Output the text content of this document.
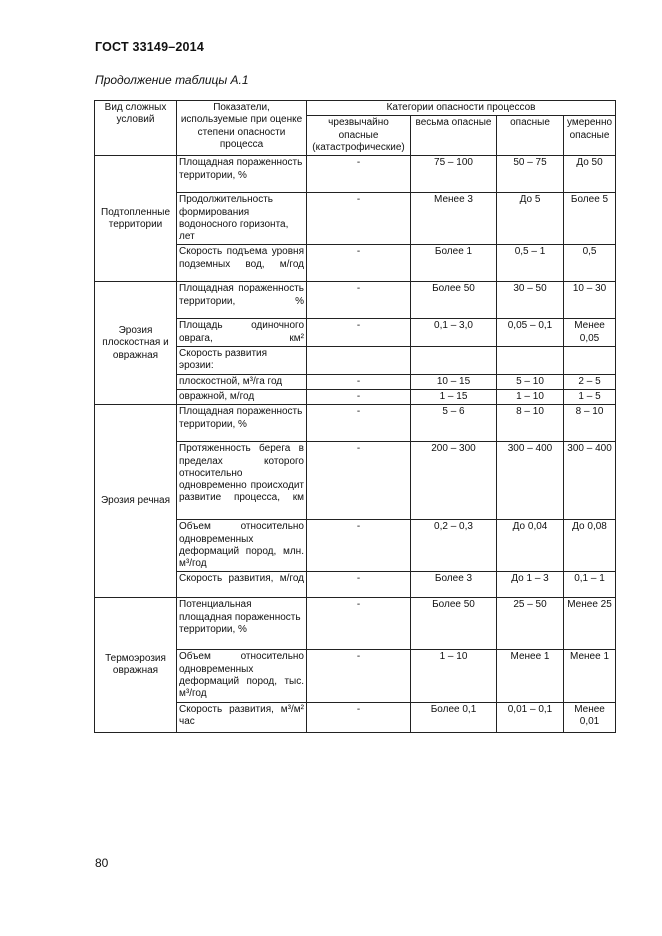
ГОСТ 33149–2014
Продолжение таблицы А.1
Вид сложных условий	Показатели, используемые при оценке степени опасности процесса	Категории опасности процессов			
		чрезвычайно опасные (катастрофические)	весьма опасные	опасные	умеренно опасные
Подтопленные территории	Площадная пораженность территории, %	-	75 – 100	50 – 75	До 50
	Продолжительность формирования водоносного горизонта, лет	-	Менее 3	До 5	Более 5
	Скорость подъема уровня подземных вод, м/год	-	Более 1	0,5 – 1	0,5
Эрозия плоскостная и овражная	Площадная пораженность территории, %	-	Более 50	30 – 50	10 – 30
	Площадь одиночного оврага, км²	-	0,1 – 3,0	0,05 – 0,1	Менее 0,05
	Скорость развития эрозии:				
	плоскостной, м³/га год	-	10 – 15	5 – 10	2 – 5
	овражной, м/год	-	1 – 15	1 – 10	1 – 5
Эрозия речная	Площадная пораженность территории, %	-	5 – 6	8 – 10	8 – 10
	Протяженность берега в пределах которого относительно одновременно происходит развитие процесса, км	-	200 – 300	300 – 400	300 – 400
	Объем относительно одновременных деформаций пород, млн. м³/год	-	0,2 – 0,3	До 0,04	До 0,08
	Скорость развития, м/год	-	Более 3	До 1 – 3	0,1 – 1
Термоэрозия овражная	Потенциальная площадная пораженность территории, %	-	Более 50	25 – 50	Менее 25
	Объем относительно одновременных деформаций пород, тыс. м³/год	-	1 – 10	Менее 1	Менее 1
	Скорость развития, м³/м² час	-	Более 0,1	0,01 – 0,1	Менее 0,01
80
